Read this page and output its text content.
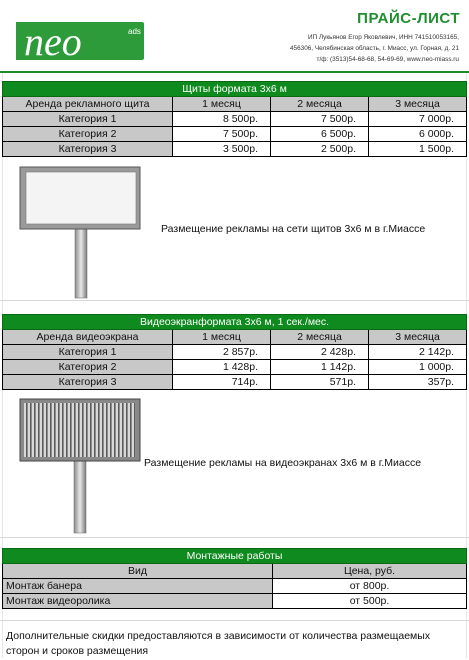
neo	ads
ПРАЙС-ЛИСТ
ИП Лукьянов Егор Яковлевич, ИНН 741510053165,
456306, Челябинская область, г. Миасс, ул. Горная, д. 21
т/ф: (3513)54-68-68, 54-69-69, www.neo-miass.ru
Щиты формата 3х6 м			
Аренда рекламного щита	1 месяц	2 месяца	3 месяца
Категория 1	8 500р.	7 500р.	7 000р.
Категория 2	7 500р.	6 500р.	6 000р.
Категория 3	3 500р.	2 500р.	1 500р.
Размещение рекламы на сети щитов 3х6 м в г.Миассе
Видеоэкранформата 3х6 м, 1 сек./мес.			
Аренда видеоэкрана	1 месяц	2 месяца	3 месяца
Категория 1	2 857р.	2 428р.	2 142р.
Категория 2	1 428р.	1 142р.	1 000р.
Категория 3	714р.	571р.	357р.
Размещение рекламы на видеоэкранах 3х6 м в г.Миассе
Монтажные работы	
Вид	Цена, руб.
Монтаж банера	от 800р.
Монтаж видеоролика	от 500р.
Дополнительные скидки предоставляются в зависимости от количества размещаемых сторон и сроков размещения
